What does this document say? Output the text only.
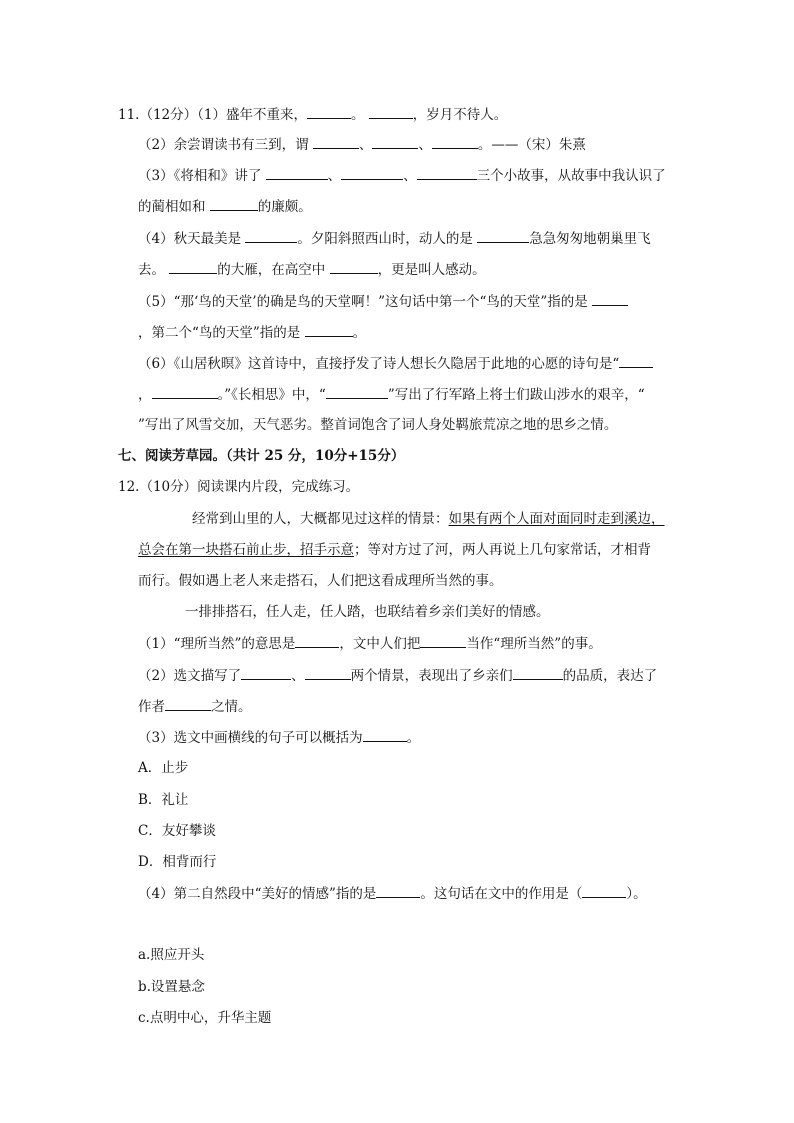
11.（12分）（1）盛年不重来，	。	，岁月不待人。
（2）余尝谓读书有三到，谓	、	、	。——（宋）朱熹
（3）《将相和》讲了	、	、	三个小故事，从故事中我认识了
的蔺相如和	的廉颇。
（4）秋天最美是	。夕阳斜照西山时，动人的是	急急匆匆地朝巢里飞
去。	的大雁，在高空中	，更是叫人感动。
（5）“那‘鸟的天堂’的确是鸟的天堂啊！”这句话中第一个“鸟的天堂”指的是
，第二个“鸟的天堂”指的是	。
（6）《山居秋暝》这首诗中，直接抒发了诗人想长久隐居于此地的心愿的诗句是“
，	。”《长相思》中，“	”写出了行军路上将士们跋山涉水的艰辛，“
”写出了风雪交加，天气恶劣。整首词饱含了词人身处羁旅荒凉之地的思乡之情。
七、阅读芳草园。（共计 25 分，10分+15分）
12.（10分）阅读课内片段，完成练习。
经常到山里的人，大概都见过这样的情景：如果有两个人面对面同时走到溪边，
总会在第一块搭石前止步，招手示意；等对方过了河，两人再说上几句家常话，才相背
而行。假如遇上老人来走搭石，人们把这看成理所当然的事。
一排排搭石，任人走，任人踏，也联结着乡亲们美好的情感。
（1）“理所当然”的意思是	，文中人们把	当作“理所当然”的事。
（2）选文描写了	、	两个情景，表现出了乡亲们	的品质，表达了
作者	之情。
（3）选文中画横线的句子可以概括为	。
A．止步
B．礼让
C．友好攀谈
D．相背而行
（4）第二自然段中“美好的情感”指的是	。这句话在文中的作用是（	）。
a.照应开头
b.设置悬念
c.点明中心，升华主题
